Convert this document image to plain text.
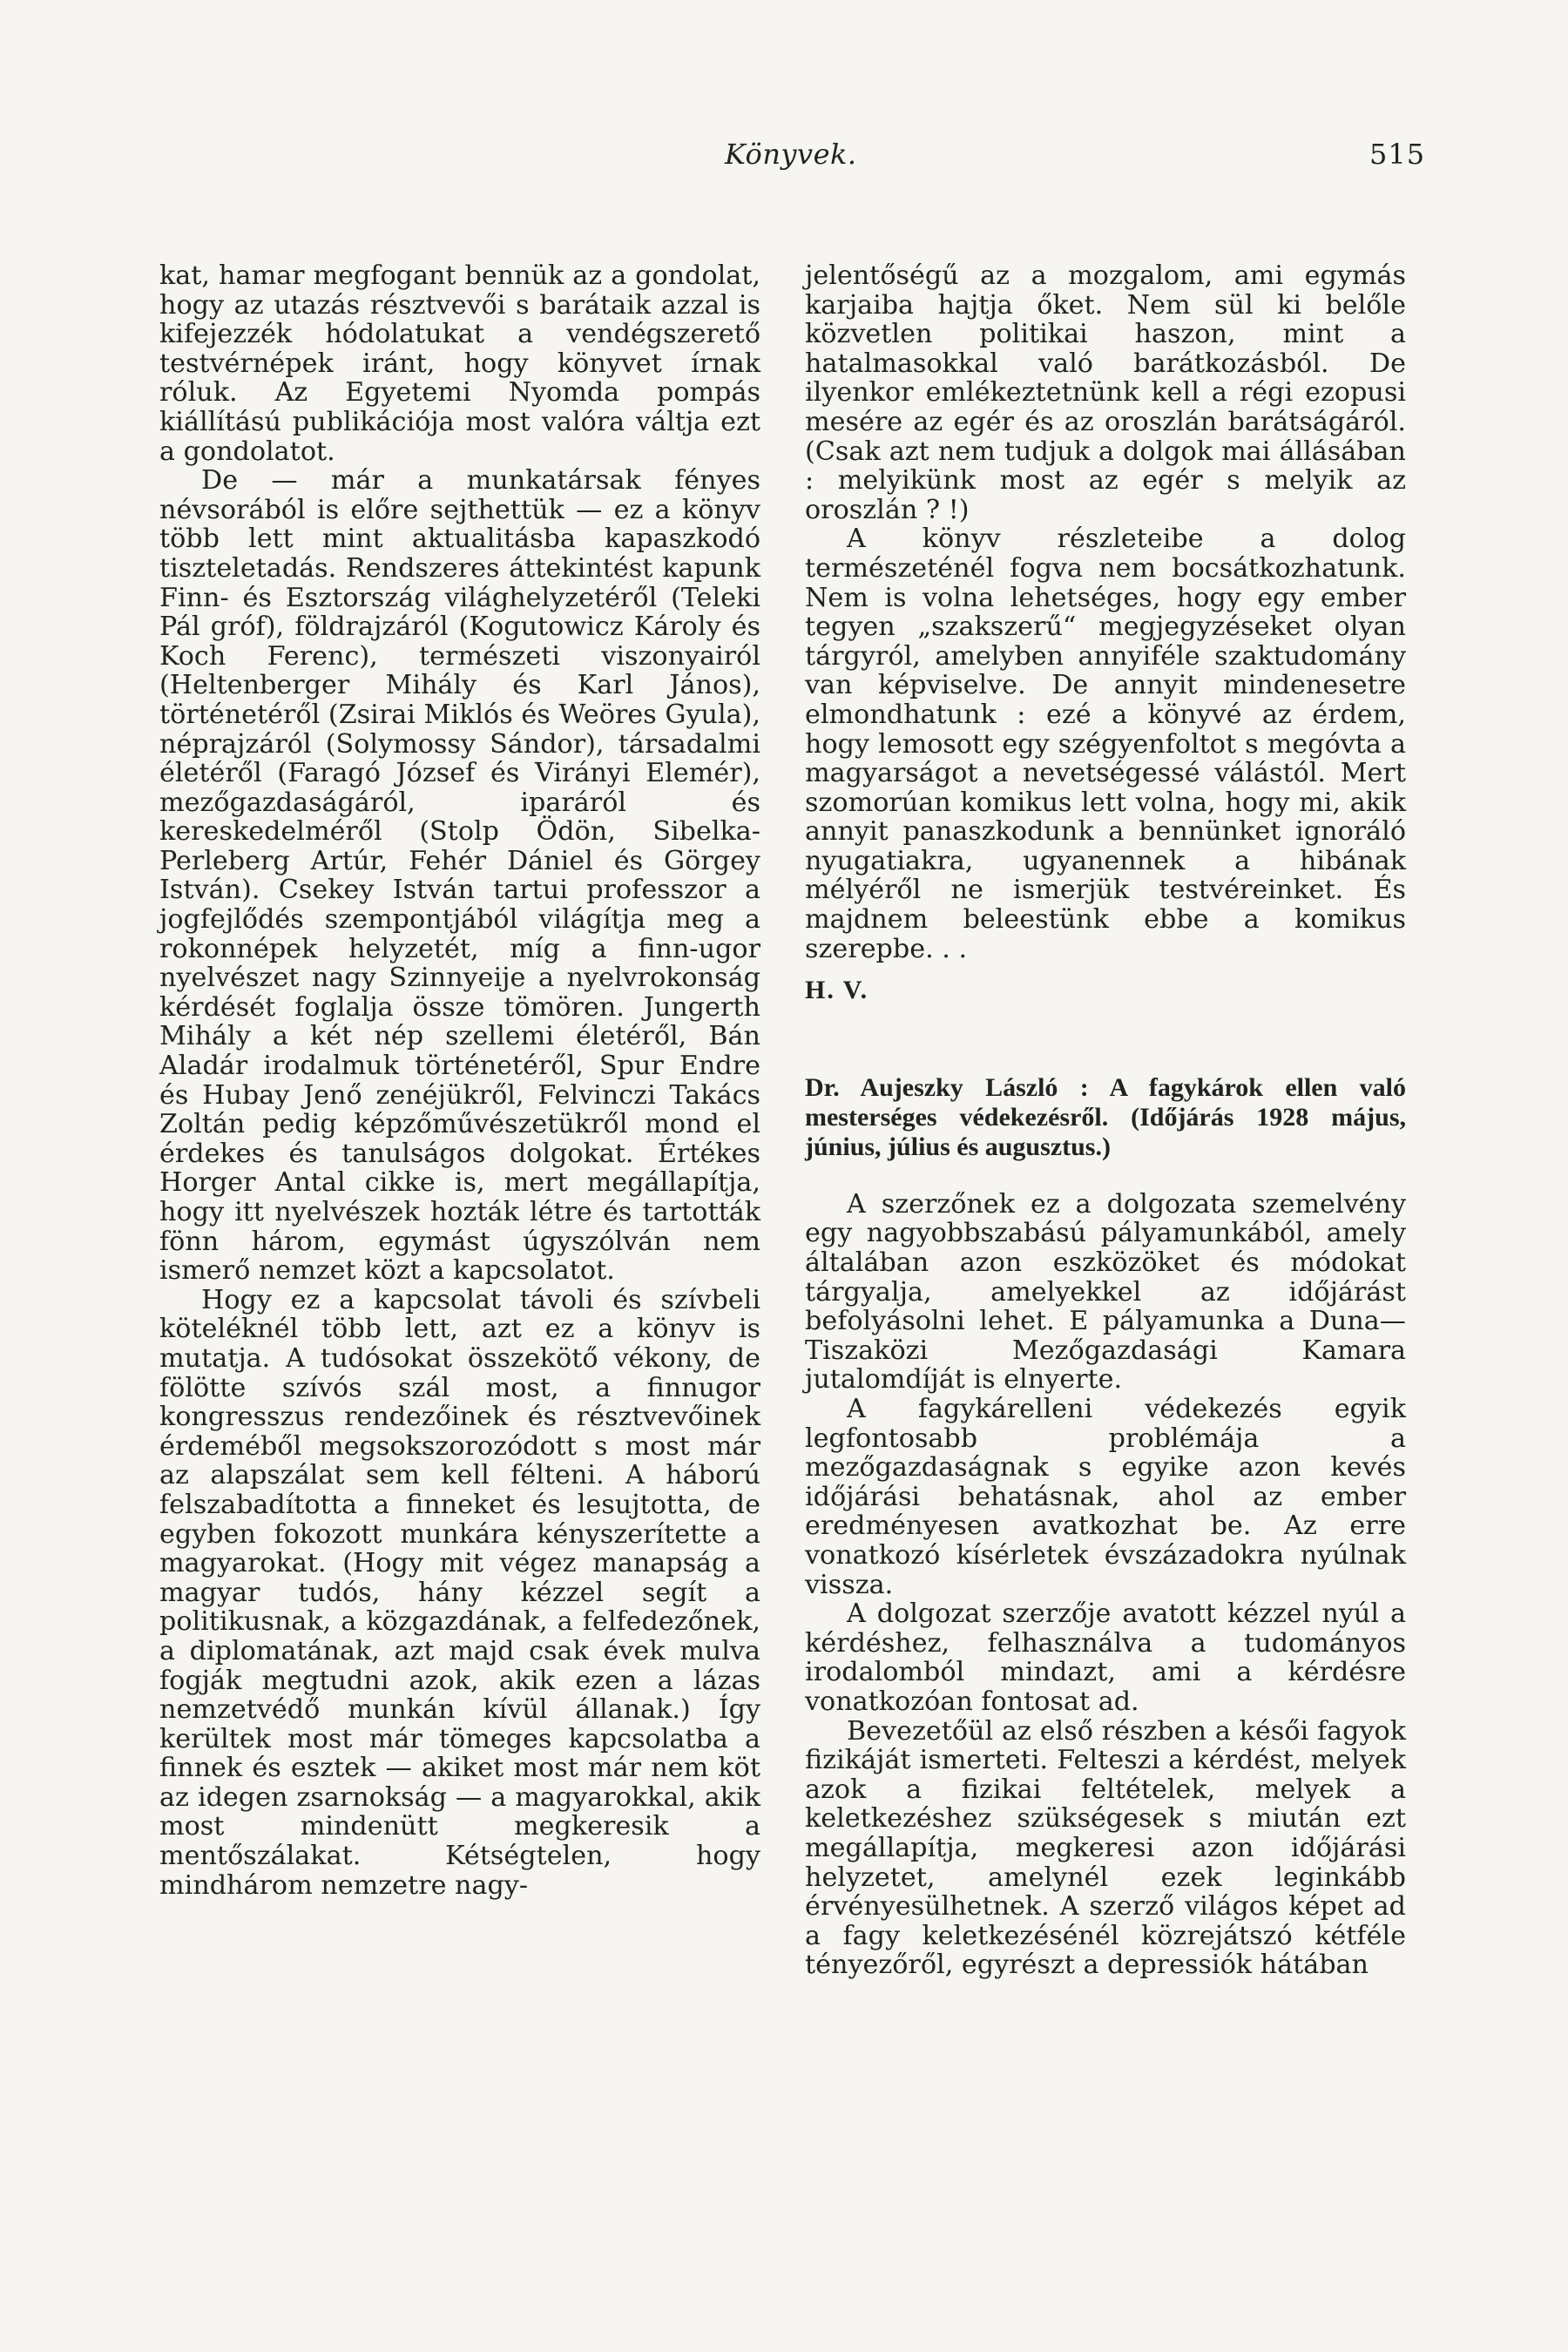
Könyvek.	515

kat, hamar megfogant bennük az a gondolat, hogy az utazás résztvevői s barátaik azzal is kifejezzék hódolatukat a vendégszerető testvérnépek iránt, hogy könyvet írnak róluk. Az Egyetemi Nyomda pompás kiállítású publikációja most valóra váltja ezt a gondolatot.

De — már a munkatársak fényes névsorából is előre sejthettük — ez a könyv több lett mint aktualitásba kapaszkodó tiszteletadás. Rendszeres áttekintést kapunk Finn- és Esztország világhelyzetéről (Teleki Pál gróf), földrajzáról (Kogutowicz Károly és Koch Ferenc), természeti viszonyairól (Heltenberger Mihály és Karl János), történetéről (Zsirai Miklós és Weöres Gyula), néprajzáról (Solymossy Sándor), társadalmi életéről (Faragó József és Virányi Elemér), mezőgazdaságáról, iparáról és kereskedelméről (Stolp Ödön, Sibelka-Perleberg Artúr, Fehér Dániel és Görgey István). Csekey István tartui professzor a jogfejlődés szempontjából világítja meg a rokonnépek helyzetét, míg a finn-ugor nyelvészet nagy Szinnyeije a nyelvrokonság kérdését foglalja össze tömören. Jungerth Mihály a két nép szellemi életéről, Bán Aladár irodalmuk történetéről, Spur Endre és Hubay Jenő zenéjükről, Felvinczi Takács Zoltán pedig képzőművészetükről mond el érdekes és tanulságos dolgokat. Értékes Horger Antal cikke is, mert megállapítja, hogy itt nyelvészek hozták létre és tartották fönn három, egymást úgyszólván nem ismerő nemzet közt a kapcsolatot.

Hogy ez a kapcsolat távoli és szívbeli köteléknél több lett, azt ez a könyv is mutatja. A tudósokat összekötő vékony, de fölötte szívós szál most, a finnugor kongresszus rendezőinek és résztvevőinek érdeméből megsokszorozódott s most már az alapszálat sem kell félteni. A háború felszabadította a finneket és lesujtotta, de egyben fokozott munkára kényszerítette a magyarokat. (Hogy mit végez manapság a magyar tudós, hány kézzel segít a politikusnak, a közgazdának, a felfedezőnek, a diplomatának, azt majd csak évek mulva fogják megtudni azok, akik ezen a lázas nemzetvédő munkán kívül állanak.) Így kerültek most már tömeges kapcsolatba a finnek és esztek — akiket most már nem köt az idegen zsarnokság — a magyarokkal, akik most mindenütt megkeresik a mentőszálakat. Kétségtelen, hogy mindhárom nemzetre nagy-

jelentőségű az a mozgalom, ami egymás karjaiba hajtja őket. Nem sül ki belőle közvetlen politikai haszon, mint a hatalmasokkal való barátkozásból. De ilyenkor emlékeztetnünk kell a régi ezopusi mesére az egér és az oroszlán barátságáról. (Csak azt nem tudjuk a dolgok mai állásában : melyikünk most az egér s melyik az oroszlán ? !)

A könyv részleteibe a dolog természeténél fogva nem bocsátkozhatunk. Nem is volna lehetséges, hogy egy ember tegyen „szakszerű“ megjegyzéseket olyan tárgyról, amelyben annyiféle szaktudomány van képviselve. De annyit mindenesetre elmondhatunk : ezé a könyvé az érdem, hogy lemosott egy szégyenfoltot s megóvta a magyarságot a nevetségessé válástól. Mert szomorúan komikus lett volna, hogy mi, akik annyit panaszkodunk a bennünket ignoráló nyugatiakra, ugyanennek a hibának mélyéről ne ismerjük testvéreinket. És majdnem beleestünk ebbe a komikus szerepbe. . .

H. V.
Dr. Aujeszky László : A fagykárok ellen való mesterséges védekezésről. (Időjárás 1928 május, június, július és augusztus.)

A szerzőnek ez a dolgozata szemelvény egy nagyobbszabású pályamunkából, amely általában azon eszközöket és módokat tárgyalja, amelyekkel az időjárást befolyásolni lehet. E pályamunka a Duna—Tiszaközi Mezőgazdasági Kamara jutalomdíját is elnyerte.

A fagykárelleni védekezés egyik legfontosabb problémája a mezőgazdaságnak s egyike azon kevés időjárási behatásnak, ahol az ember eredményesen avatkozhat be. Az erre vonatkozó kísérletek évszázadokra nyúlnak vissza.

A dolgozat szerzője avatott kézzel nyúl a kérdéshez, felhasználva a tudományos irodalomból mindazt, ami a kérdésre vonatkozóan fontosat ad.

Bevezetőül az első részben a késői fagyok fizikáját ismerteti. Felteszi a kérdést, melyek azok a fizikai feltételek, melyek a keletkezéshez szükségesek s miután ezt megállapítja, megkeresi azon időjárási helyzetet, amelynél ezek leginkább érvényesülhetnek. A szerző világos képet ad a fagy keletkezésénél közrejátszó kétféle tényezőről, egyrészt a depressiók hátában
